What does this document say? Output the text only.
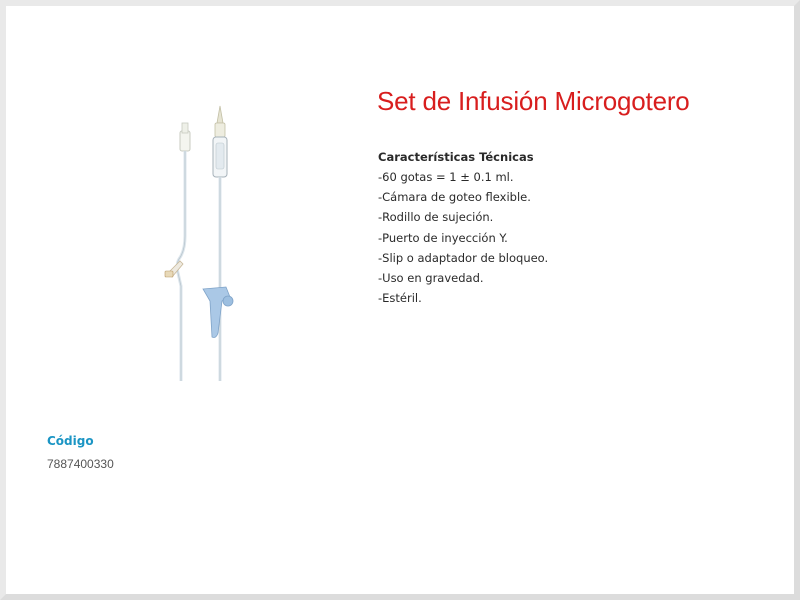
Set de Infusión Microgotero
Características Técnicas
-60 gotas = 1 ± 0.1 ml.
-Cámara de goteo flexible.
-Rodillo de sujeción.
-Puerto de inyección Y.
-Slip o adaptador de bloqueo.
-Uso en gravedad.
-Estéril.
Código
7887400330
